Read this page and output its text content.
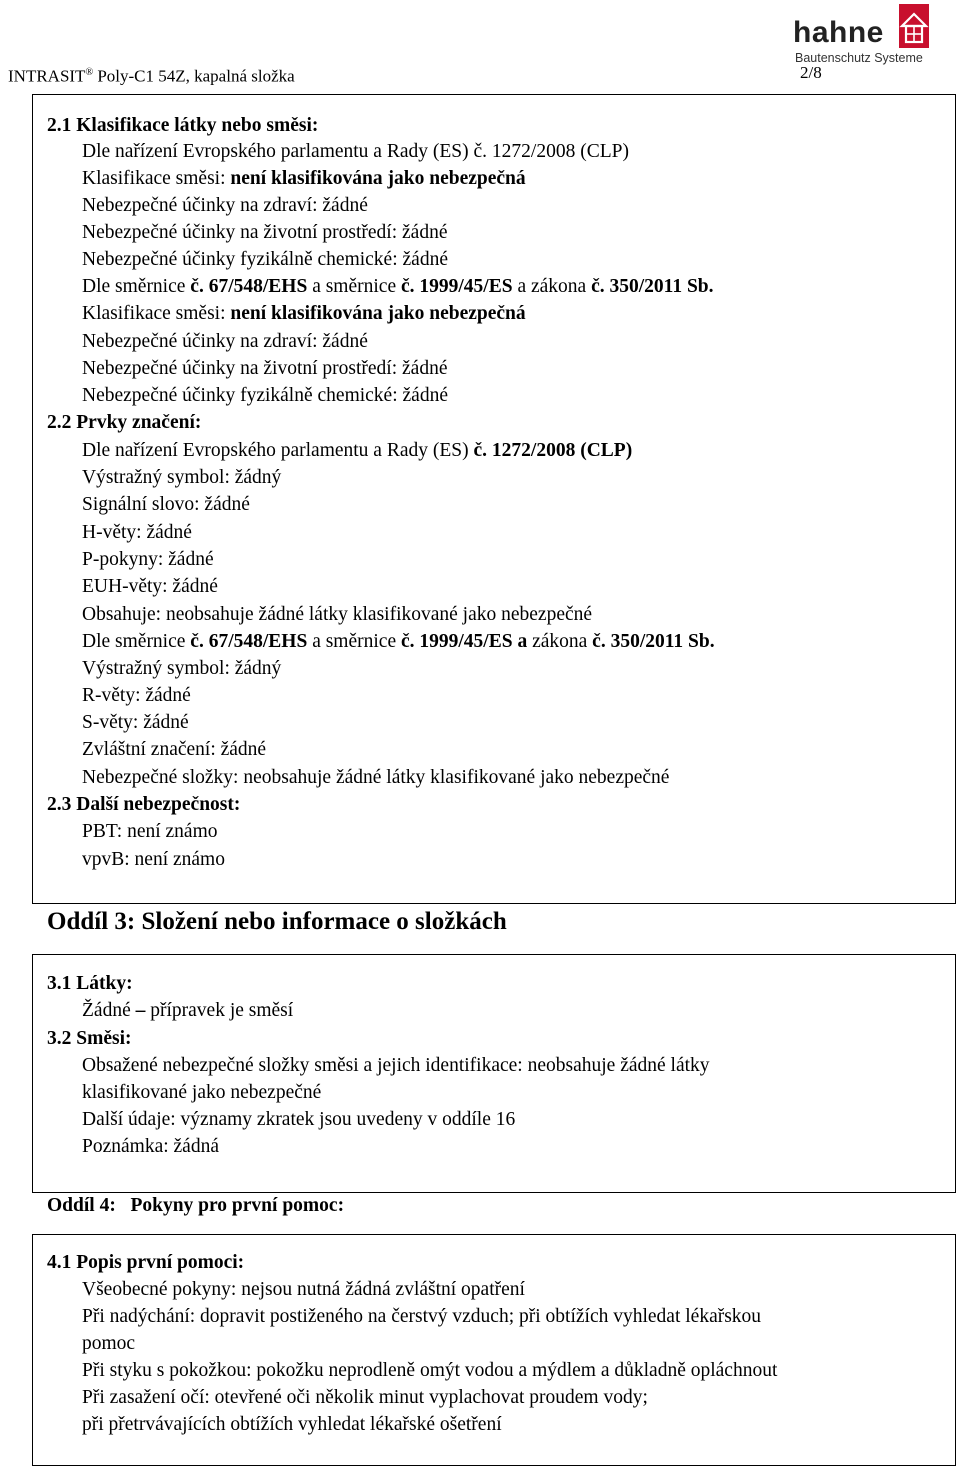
INTRASIT® Poly-C1 54Z, kapalná složka	2/8
hahne
Bautenschutz Systeme
2.1 Klasifikace látky nebo směsi:
Dle nařízení Evropského parlamentu a Rady (ES) č. 1272/2008 (CLP)
Klasifikace směsi: není klasifikována jako nebezpečná
Nebezpečné účinky na zdraví: žádné
Nebezpečné účinky na životní prostředí: žádné
Nebezpečné účinky fyzikálně chemické: žádné
Dle směrnice č. 67/548/EHS a směrnice č. 1999/45/ES a zákona č. 350/2011 Sb.
Klasifikace směsi: není klasifikována jako nebezpečná
Nebezpečné účinky na zdraví: žádné
Nebezpečné účinky na životní prostředí: žádné
Nebezpečné účinky fyzikálně chemické: žádné
2.2 Prvky značení:
Dle nařízení Evropského parlamentu a Rady (ES) č. 1272/2008 (CLP)
Výstražný symbol: žádný
Signální slovo: žádné
H-věty: žádné
P-pokyny: žádné
EUH-věty: žádné
Obsahuje: neobsahuje žádné látky klasifikované jako nebezpečné
Dle směrnice č. 67/548/EHS a směrnice č. 1999/45/ES a zákona č. 350/2011 Sb.
Výstražný symbol: žádný
R-věty: žádné
S-věty: žádné
Zvláštní značení: žádné
Nebezpečné složky: neobsahuje žádné látky klasifikované jako nebezpečné
2.3 Další nebezpečnost:
PBT: není známo
vpvB: není známo
Oddíl 3: Složení nebo informace o složkách
3.1 Látky:
Žádné – přípravek je směsí
3.2 Směsi:
Obsažené nebezpečné složky směsi a jejich identifikace: neobsahuje žádné látky
klasifikované jako nebezpečné
Další údaje: významy zkratek jsou uvedeny v oddíle 16
Poznámka: žádná
Oddíl 4: Pokyny pro první pomoc:
4.1 Popis první pomoci:
Všeobecné pokyny: nejsou nutná žádná zvláštní opatření
Při nadýchání: dopravit postiženého na čerstvý vzduch; při obtížích vyhledat lékařskou
pomoc
Při styku s pokožkou: pokožku neprodleně omýt vodou a mýdlem a důkladně opláchnout
Při zasažení očí: otevřené oči několik minut vyplachovat proudem vody;
při přetrvávajících obtížích vyhledat lékařské ošetření
